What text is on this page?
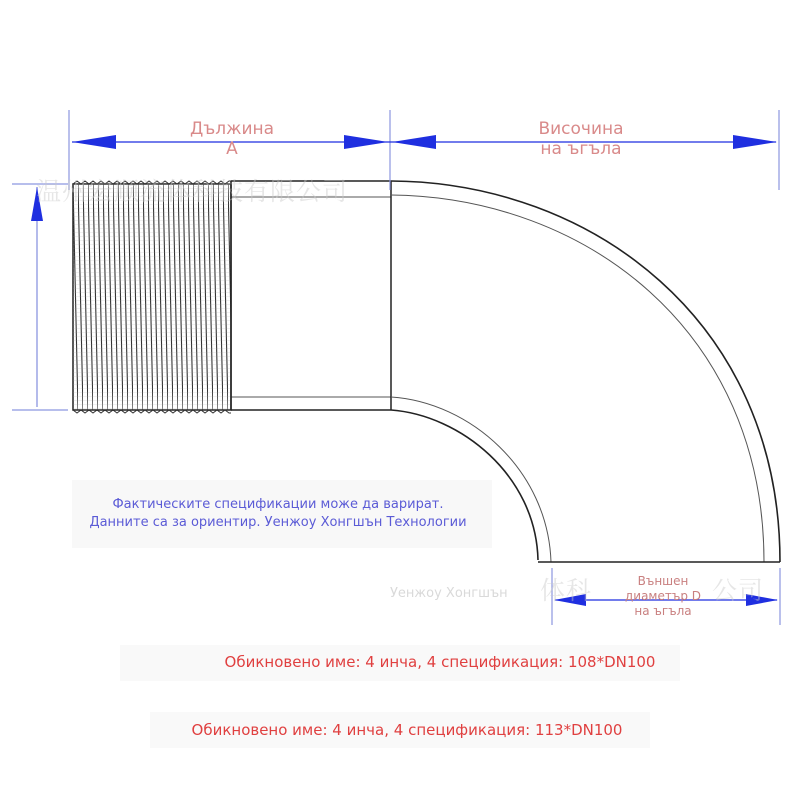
温州宏顺流体科技有限公司
Уенжоу Хонгшън 体科	公司
Дължина
A
Височина
на ъгъла
Външен
диаметър D
на ъгъла
Фактическите спецификации може да варират.
Данните са за ориентир. Уенжоу Хонгшън Технологии
Обикновено име: 4 инча, 4 спецификация: 108*DN100
Обикновено име: 4 инча, 4 спецификация: 113*DN100
